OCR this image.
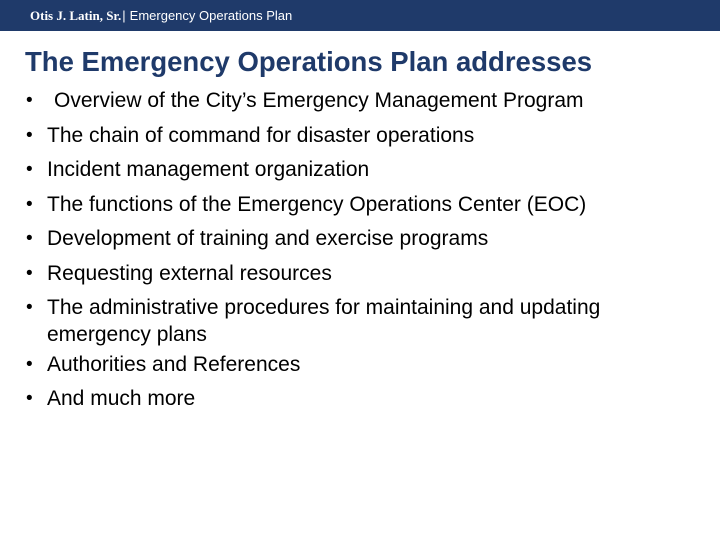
Otis J. Latin, Sr. | Emergency Operations Plan
The Emergency Operations Plan addresses
•	Overview of the City’s Emergency Management Program
• The chain of command for disaster operations
• Incident management organization
• The functions of the Emergency Operations Center (EOC)
• Development of training and exercise programs
• Requesting external resources
• The administrative procedures for maintaining and updating
emergency plans
• Authorities and References
• And much more
